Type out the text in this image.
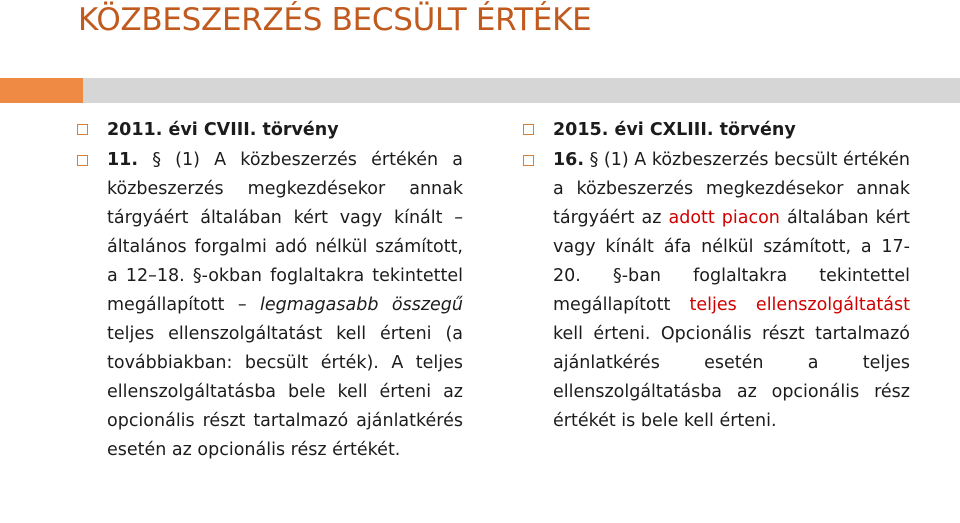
KÖZBESZERZÉS BECSÜLT ÉRTÉKE
2011. évi CVIII. törvény
11. § (1) A közbeszerzés értékén a közbeszerzés megkezdésekor annak tárgyáért általában kért vagy kínált – általános forgalmi adó nélkül számított, a 12–18. §-okban foglaltakra tekintettel megállapított – legmagasabb összegű teljes ellenszolgáltatást kell érteni (a továbbiakban: becsült érték). A teljes ellenszolgáltatásba bele kell érteni az opcionális részt tartalmazó ajánlatkérés esetén az opcionális rész értékét.
2015. évi CXLIII. törvény
16. § (1) A közbeszerzés becsült értékén a közbeszerzés megkezdésekor annak tárgyáért az adott piacon általában kért vagy kínált áfa nélkül számított, a 17-20. §-ban foglaltakra tekintettel megállapított teljes ellenszolgáltatást kell érteni. Opcionális részt tartalmazó ajánlatkérés esetén a teljes ellenszolgáltatásba az opcionális rész értékét is bele kell érteni.
